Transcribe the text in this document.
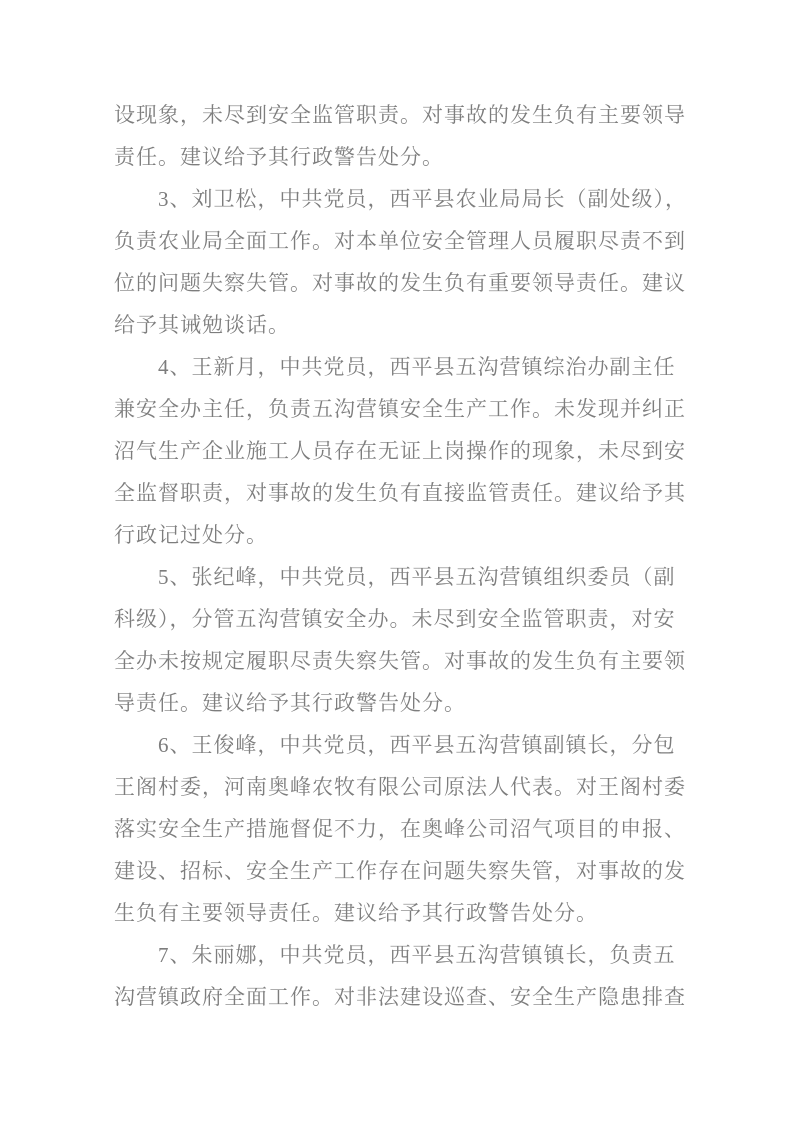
设现象，未尽到安全监管职责。对事故的发生负有主要领导
责任。建议给予其行政警告处分。
3、刘卫松，中共党员，西平县农业局局长（副处级），
负责农业局全面工作。对本单位安全管理人员履职尽责不到
位的问题失察失管。对事故的发生负有重要领导责任。建议
给予其诫勉谈话。
4、王新月，中共党员，西平县五沟营镇综治办副主任
兼安全办主任，负责五沟营镇安全生产工作。未发现并纠正
沼气生产企业施工人员存在无证上岗操作的现象，未尽到安
全监督职责，对事故的发生负有直接监管责任。建议给予其
行政记过处分。
5、张纪峰，中共党员，西平县五沟营镇组织委员（副
科级），分管五沟营镇安全办。未尽到安全监管职责，对安
全办未按规定履职尽责失察失管。对事故的发生负有主要领
导责任。建议给予其行政警告处分。
6、王俊峰，中共党员，西平县五沟营镇副镇长，分包
王阁村委，河南奥峰农牧有限公司原法人代表。对王阁村委
落实安全生产措施督促不力，在奥峰公司沼气项目的申报、
建设、招标、安全生产工作存在问题失察失管，对事故的发
生负有主要领导责任。建议给予其行政警告处分。
7、朱丽娜，中共党员，西平县五沟营镇镇长，负责五
沟营镇政府全面工作。对非法建设巡查、安全生产隐患排查
